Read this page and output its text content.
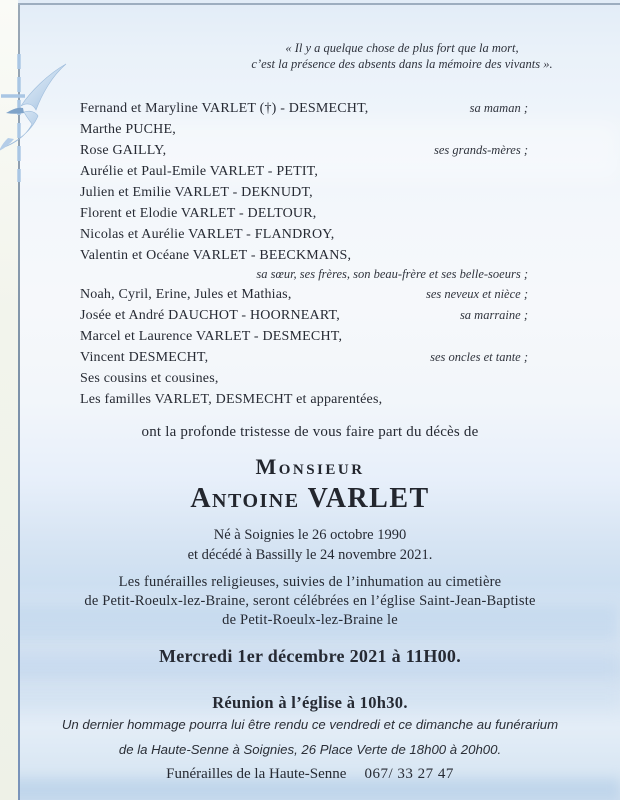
« Il y a quelque chose de plus fort que la mort,
c’est la présence des absents dans la mémoire des vivants ».
Fernand et Maryline VARLET (†) - DESMECHT,	sa maman ;
Marthe PUCHE,
Rose GAILLY,	ses grands-mères ;
Aurélie et Paul-Emile VARLET - PETIT,
Julien et Emilie VARLET - DEKNUDT,
Florent et Elodie VARLET - DELTOUR,
Nicolas et Aurélie VARLET - FLANDROY,
Valentin et Océane VARLET - BEECKMANS,
sa sœur, ses frères, son beau-frère et ses belle-soeurs ;
Noah, Cyril, Erine, Jules et Mathias,	ses neveux et nièce ;
Josée et André DAUCHOT - HOORNEART,	sa marraine ;
Marcel et Laurence VARLET - DESMECHT,
Vincent DESMECHT,	ses oncles et tante ;
Ses cousins et cousines,
Les familles VARLET, DESMECHT et apparentées,
ont la profonde tristesse de vous faire part du décès de
Monsieur
Antoine VARLET
Né à Soignies le 26 octobre 1990
et décédé à Bassilly le 24 novembre 2021.
Les funérailles religieuses, suivies de l’inhumation au cimetière
de Petit-Roeulx-lez-Braine, seront célébrées en l’église Saint-Jean-Baptiste
de Petit-Roeulx-lez-Braine le
Mercredi 1er décembre 2021 à 11H00.
Réunion à l’église à 10h30.
Un dernier hommage pourra lui être rendu ce vendredi et ce dimanche au funérarium
de la Haute-Senne à Soignies, 26 Place Verte de 18h00 à 20h00.
Funérailles de la Haute-Senne 067/ 33 27 47
